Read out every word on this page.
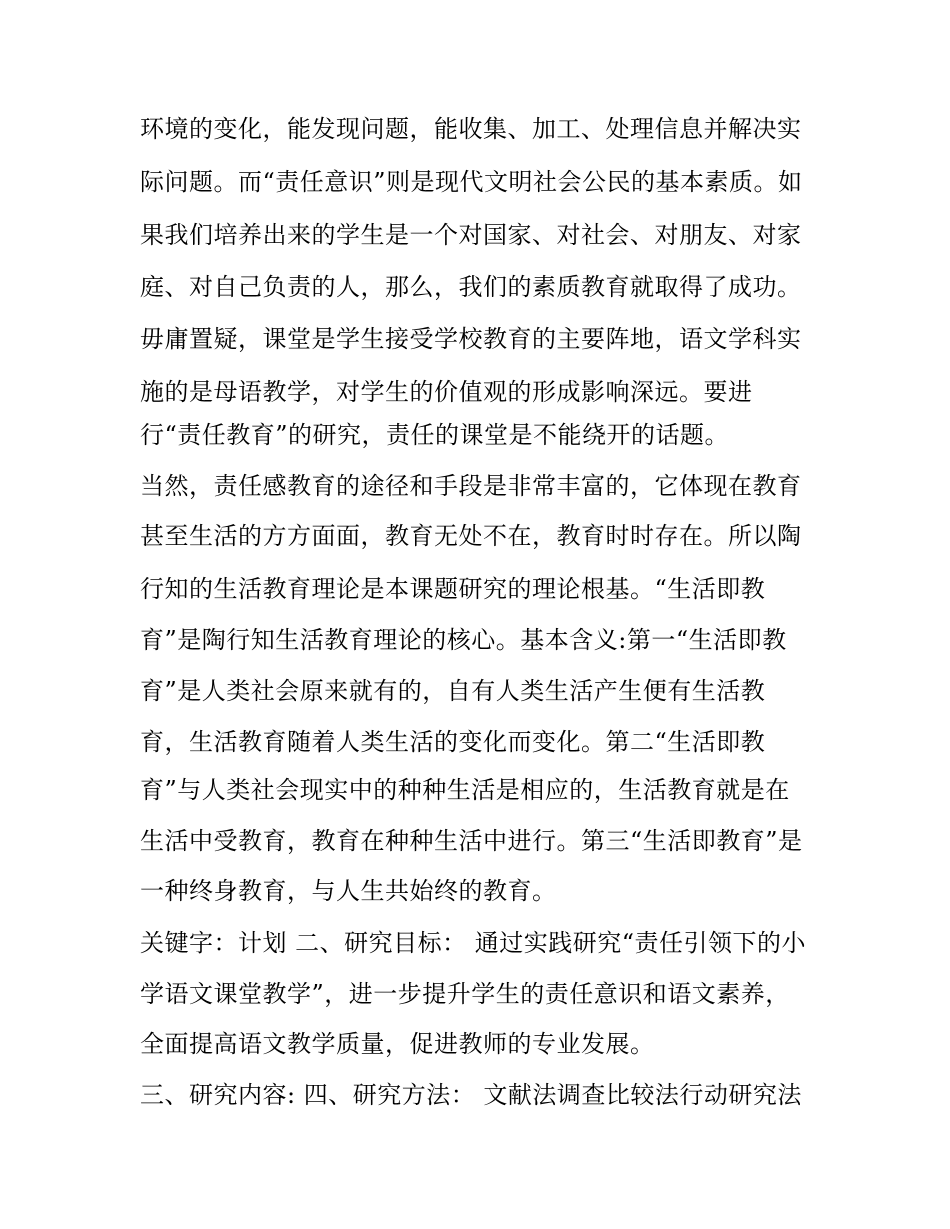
环境的变化，能发现问题，能收集、加工、处理信息并解决实
际问题。而“责任意识”则是现代文明社会公民的基本素质。如
果我们培养出来的学生是一个对国家、对社会、对朋友、对家
庭、对自己负责的人，那么，我们的素质教育就取得了成功。
毋庸置疑，课堂是学生接受学校教育的主要阵地，语文学科实
施的是母语教学，对学生的价值观的形成影响深远。要进
行“责任教育”的研究，责任的课堂是不能绕开的话题。
当然，责任感教育的途径和手段是非常丰富的，它体现在教育
甚至生活的方方面面，教育无处不在，教育时时存在。所以陶
行知的生活教育理论是本课题研究的理论根基。“生活即教
育”是陶行知生活教育理论的核心。基本含义:第一“生活即教
育”是人类社会原来就有的，自有人类生活产生便有生活教
育，生活教育随着人类生活的变化而变化。第二“生活即教
育”与人类社会现实中的种种生活是相应的，生活教育就是在
生活中受教育，教育在种种生活中进行。第三“生活即教育”是
一种终身教育，与人生共始终的教育。
关键字：计划 二、研究目标： 通过实践研究“责任引领下的小
学语文课堂教学”，进一步提升学生的责任意识和语文素养，
全面提高语文教学质量，促进教师的专业发展。
三、研究内容: 四、研究方法： 文献法调查比较法行动研究法
